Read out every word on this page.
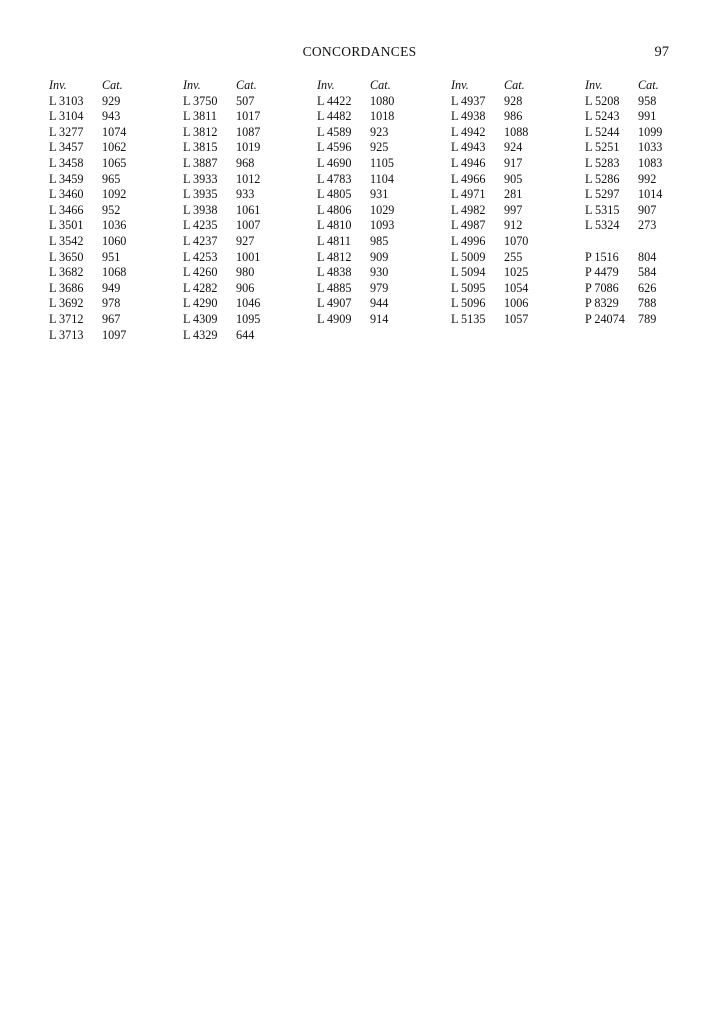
CONCORDANCES	97
Inv.	Cat.
L 3103	929
L 3104	943
L 3277	1074
L 3457	1062
L 3458	1065
L 3459	965
L 3460	1092
L 3466	952
L 3501	1036
L 3542	1060
L 3650	951
L 3682	1068
L 3686	949
L 3692	978
L 3712	967
L 3713	1097
Inv.	Cat.
L 3750	507
L 3811	1017
L 3812	1087
L 3815	1019
L 3887	968
L 3933	1012
L 3935	933
L 3938	1061
L 4235	1007
L 4237	927
L 4253	1001
L 4260	980
L 4282	906
L 4290	1046
L 4309	1095
L 4329	644
Inv.	Cat.
L 4422	1080
L 4482	1018
L 4589	923
L 4596	925
L 4690	1105
L 4783	1104
L 4805	931
L 4806	1029
L 4810	1093
L 4811	985
L 4812	909
L 4838	930
L 4885	979
L 4907	944
L 4909	914
Inv.	Cat.
L 4937	928
L 4938	986
L 4942	1088
L 4943	924
L 4946	917
L 4966	905
L 4971	281
L 4982	997
L 4987	912
L 4996	1070
L 5009	255
L 5094	1025
L 5095	1054
L 5096	1006
L 5135	1057
Inv.	Cat.
L 5208	958
L 5243	991
L 5244	1099
L 5251	1033
L 5283	1083
L 5286	992
L 5297	1014
L 5315	907
L 5324	273
P 1516	804
P 4479	584
P 7086	626
P 8329	788
P 24074	789
